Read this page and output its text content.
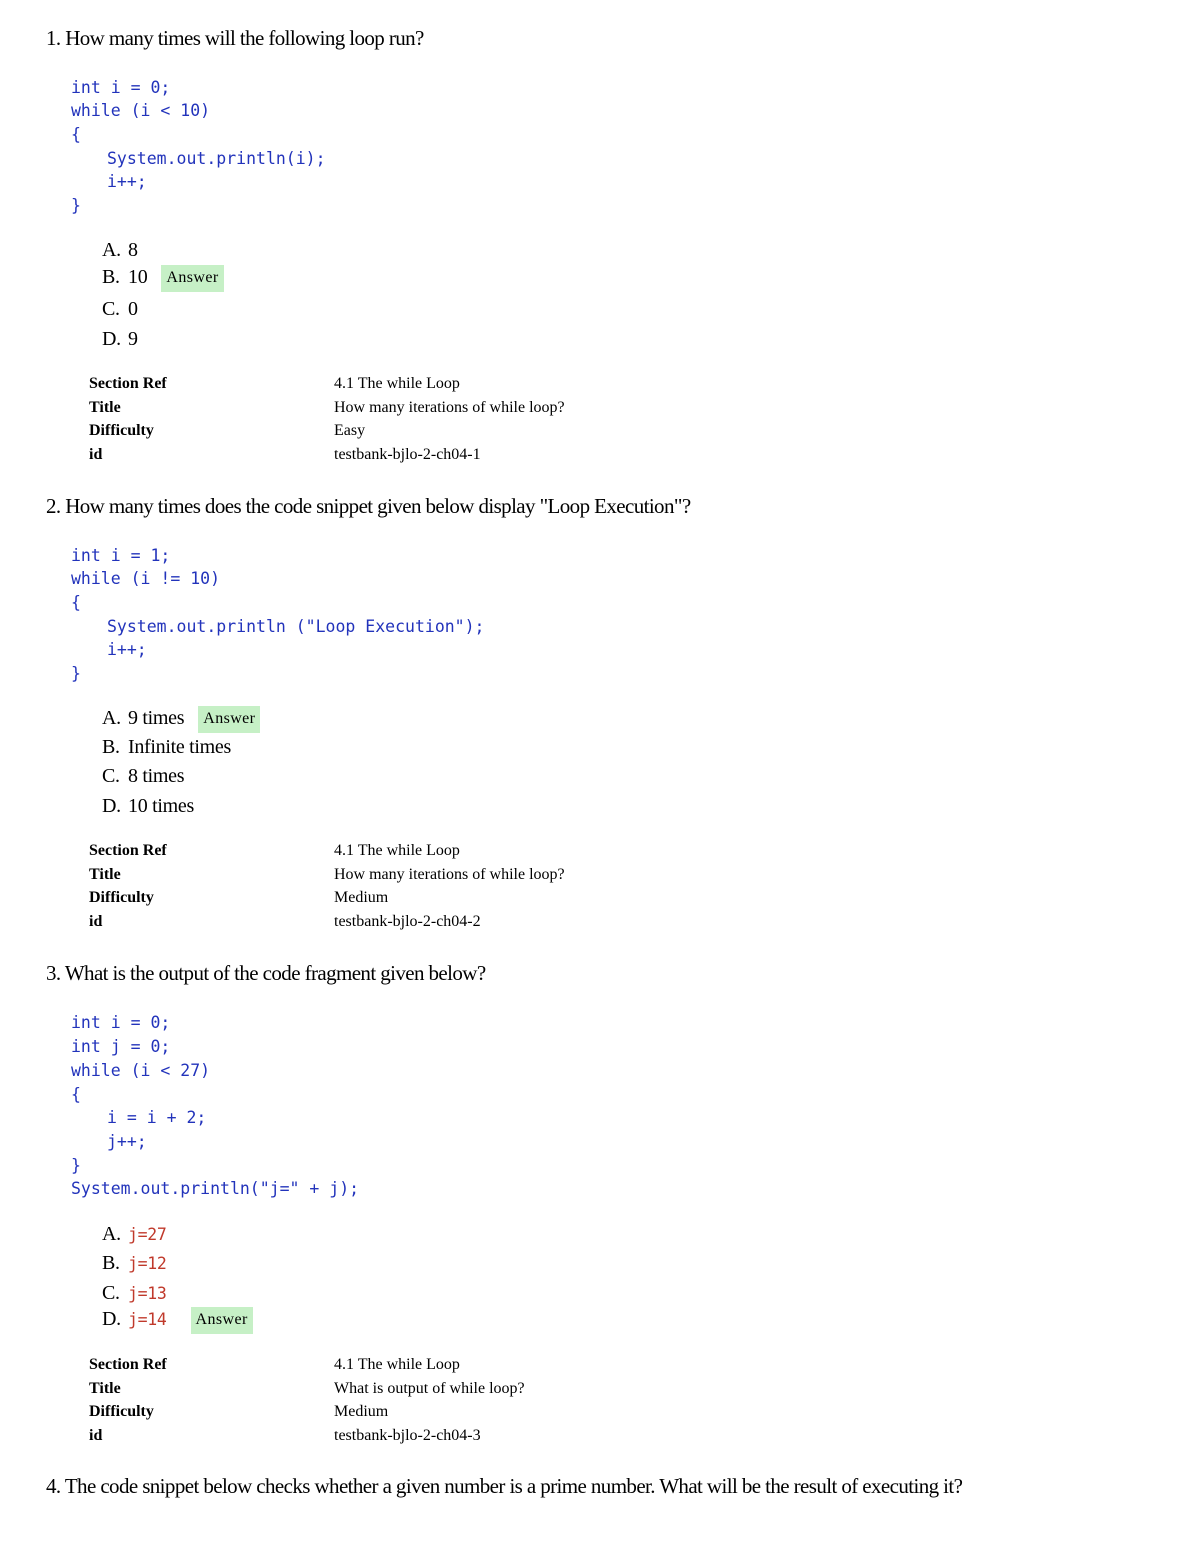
1. How many times will the following loop run?
int i = 0;
while (i < 10)
{
System.out.println(i);
i++;
}
A. 8
B. 10 Answer
C. 0
D. 9
Section Ref	4.1 The while Loop
Title	How many iterations of while loop?
Difficulty	Easy
id	testbank-bjlo-2-ch04-1
2. How many times does the code snippet given below display "Loop Execution"?
int i = 1;
while (i != 10)
{
System.out.println ("Loop Execution");
i++;
}
A. 9 times Answer
B. Infinite times
C. 8 times
D. 10 times
Section Ref	4.1 The while Loop
Title	How many iterations of while loop?
Difficulty	Medium
id	testbank-bjlo-2-ch04-2
3. What is the output of the code fragment given below?
int i = 0;
int j = 0;
while (i < 27)
{
i = i + 2;
j++;
}
System.out.println("j=" + j);
A. j=27
B. j=12
C. j=13
D. j=14 Answer
Section Ref	4.1 The while Loop
Title	What is output of while loop?
Difficulty	Medium
id	testbank-bjlo-2-ch04-3
4. The code snippet below checks whether a given number is a prime number. What will be the result of executing it?
